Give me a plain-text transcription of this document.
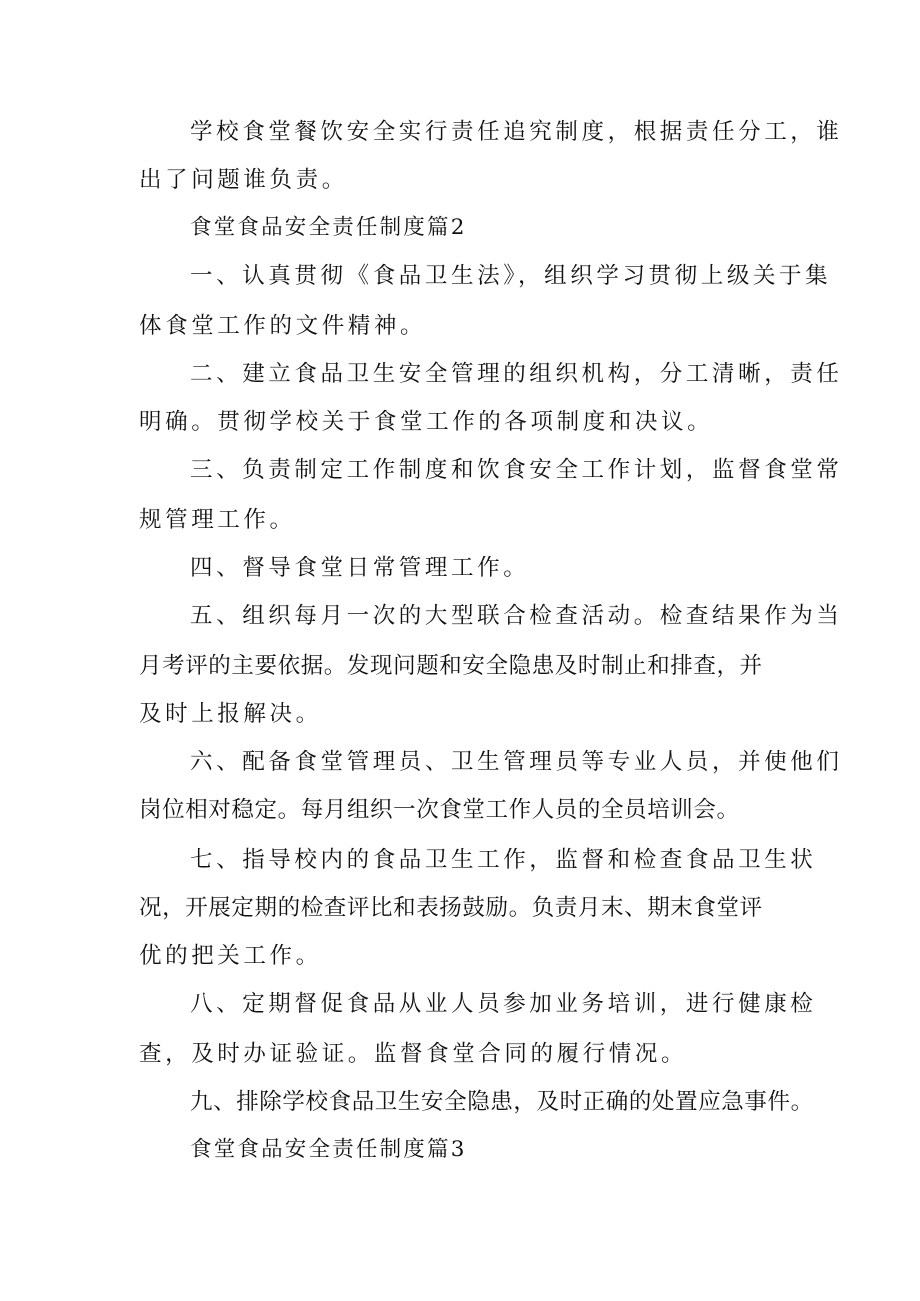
学校食堂餐饮安全实行责任追究制度，根据责任分工，谁
出了问题谁负责。
食堂食品安全责任制度篇2
一、认真贯彻《食品卫生法》，组织学习贯彻上级关于集
体食堂工作的文件精神。
二、建立食品卫生安全管理的组织机构，分工清晰，责任
明确。贯彻学校关于食堂工作的各项制度和决议。
三、负责制定工作制度和饮食安全工作计划，监督食堂常
规管理工作。
四、督导食堂日常管理工作。
五、组织每月一次的大型联合检查活动。检查结果作为当
月考评的主要依据。发现问题和安全隐患及时制止和排查，并
及时上报解决。
六、配备食堂管理员、卫生管理员等专业人员，并使他们
岗位相对稳定。每月组织一次食堂工作人员的全员培训会。
七、指导校内的食品卫生工作，监督和检查食品卫生状
况，开展定期的检查评比和表扬鼓励。负责月末、期末食堂评
优的把关工作。
八、定期督促食品从业人员参加业务培训，进行健康检
查，及时办证验证。监督食堂合同的履行情况。
九、排除学校食品卫生安全隐患，及时正确的处置应急事件。
食堂食品安全责任制度篇3
